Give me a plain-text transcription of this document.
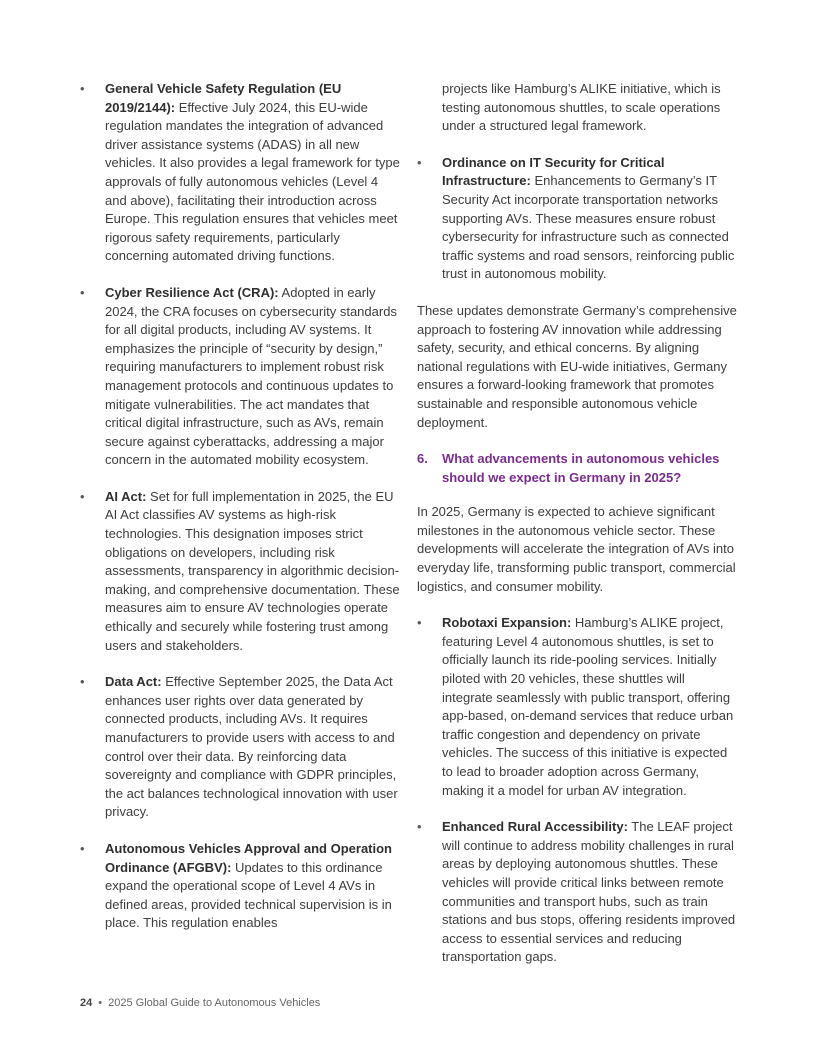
• General Vehicle Safety Regulation (EU 2019/2144): Effective July 2024, this EU-wide regulation mandates the integration of advanced driver assistance systems (ADAS) in all new vehicles. It also provides a legal framework for type approvals of fully autonomous vehicles (Level 4 and above), facilitating their introduction across Europe. This regulation ensures that vehicles meet rigorous safety requirements, particularly concerning automated driving functions.
• Cyber Resilience Act (CRA): Adopted in early 2024, the CRA focuses on cybersecurity standards for all digital products, including AV systems. It emphasizes the principle of “security by design,” requiring manufacturers to implement robust risk management protocols and continuous updates to mitigate vulnerabilities. The act mandates that critical digital infrastructure, such as AVs, remain secure against cyberattacks, addressing a major concern in the automated mobility ecosystem.
• AI Act: Set for full implementation in 2025, the EU AI Act classifies AV systems as high-risk technologies. This designation imposes strict obligations on developers, including risk assessments, transparency in algorithmic decision-making, and comprehensive documentation. These measures aim to ensure AV technologies operate ethically and securely while fostering trust among users and stakeholders.
• Data Act: Effective September 2025, the Data Act enhances user rights over data generated by connected products, including AVs. It requires manufacturers to provide users with access to and control over their data. By reinforcing data sovereignty and compliance with GDPR principles, the act balances technological innovation with user privacy.
• Autonomous Vehicles Approval and Operation Ordinance (AFGBV): Updates to this ordinance expand the operational scope of Level 4 AVs in defined areas, provided technical supervision is in place. This regulation enables

projects like Hamburg’s ALIKE initiative, which is testing autonomous shuttles, to scale operations under a structured legal framework.

• Ordinance on IT Security for Critical Infrastructure: Enhancements to Germany’s IT Security Act incorporate transportation networks supporting AVs. These measures ensure robust cybersecurity for infrastructure such as connected traffic systems and road sensors, reinforcing public trust in autonomous mobility.

These updates demonstrate Germany’s comprehensive approach to fostering AV innovation while addressing safety, security, and ethical concerns. By aligning national regulations with EU-wide initiatives, Germany ensures a forward-looking framework that promotes sustainable and responsible autonomous vehicle deployment.

6.	What advancements in autonomous vehicles should we expect in Germany in 2025?

In 2025, Germany is expected to achieve significant milestones in the autonomous vehicle sector. These developments will accelerate the integration of AVs into everyday life, transforming public transport, commercial logistics, and consumer mobility.

• Robotaxi Expansion: Hamburg’s ALIKE project, featuring Level 4 autonomous shuttles, is set to officially launch its ride-pooling services. Initially piloted with 20 vehicles, these shuttles will integrate seamlessly with public transport, offering app-based, on-demand services that reduce urban traffic congestion and dependency on private vehicles. The success of this initiative is expected to lead to broader adoption across Germany, making it a model for urban AV integration.
• Enhanced Rural Accessibility: The LEAF project will continue to address mobility challenges in rural areas by deploying autonomous shuttles. These vehicles will provide critical links between remote communities and transport hubs, such as train stations and bus stops, offering residents improved access to essential services and reducing transportation gaps.
24 • 2025 Global Guide to Autonomous Vehicles
